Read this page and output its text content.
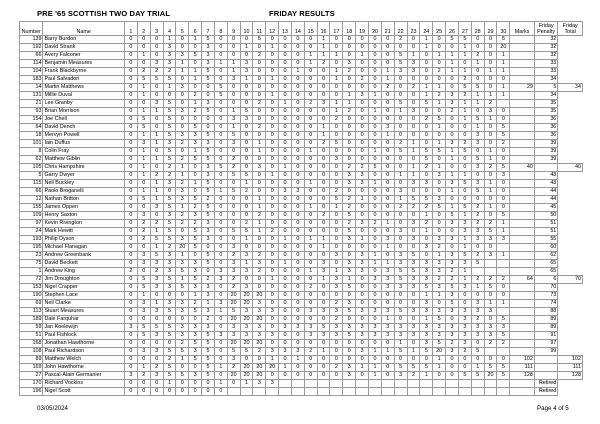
PRE '65 SCOTTISH TWO DAY TRIAL	FRIDAY RESULTS
Number	Name	1	2	3	4	5	6	7	8	9	10	11	12	13	14	15	16	17	18	19	20	21	22	23	24	25	26	27	28	29	30	Marks	Friday Penalty	Friday Total
139	Barry Burdon	0	0	0	1	0	1	5	0	0	0	5	0	0	0	0	1	0	0	0	0	0	2	0	1	0	5	5	0	0	5		32	
192	David Strank	0	0	0	3	0	0	3	0	0	1	0	1	0	0	0	1	0	0	0	0	0	0	0	1	0	0	1	0	0	20		32	
66	Avery Falconer	0	1	0	3	3	5	3	0	0	0	2	0	0	0	1	1	1	0	1	0	0	5	1	0	1	1	1	2	0	1		32	
114	Benjamin Measures	0	0	3	3	1	0	3	1	1	3	0	0	0	0	1	2	0	3	0	0	0	5	3	0	0	1	0	1	0	1		33	
104	Frank Blackbyrne	0	2	2	2	1	1	5	0	1	3	0	0	0	1	0	0	1	2	0	0	1	3	3	0	2	1	1	0	1	1		33	
183	Paul Salvadori	0	5	5	5	0	1	5	0	3	1	0	1	0	0	0	0	1	0	2	0	1	0	0	0	0	0	2	0	0	0		34	
14	Martin Matthews	0	1	0	1	3	0	0	5	0	0	0	0	0	0	0	0	0	0	0	0	2	0	2	1	1	0	5	5	0	1	29	5	34
131	Millie Duval	0	1	0	0	0	2	0	5	0	0	0	1	0	0	0	0	0	1	3	1	0	0	0	1	2	3	2	1	1	1		34	
21	Lee Granby	0	0	3	5	0	1	3	0	0	0	2	0	1	0	2	3	1	1	0	0	0	5	0	5	1	3	1	1	2			35	
93	Brian Morrison	0	1	1	5	3	2	5	0	1	5	0	0	0	0	0	0	1	2	0	1	0	1	3	0	0	2	1	0	3	0		35	
154	Joe Chell	0	5	0	5	0	0	0	0	3	3	0	0	0	0	0	0	2	0	0	0	0	0	0	2	5	0	1	5	1	0		36	
64	David Dench	0	5	0	5	0	5	0	0	1	0	2	0	0	0	0	1	0	0	0	0	3	0	0	0	1	0	0	1	0	5		36	
18	Mervyn Powell	0	1	1	5	3	3	5	0	5	0	0	0	0	0	0	1	0	0	0	0	1	0	0	0	0	0	0	3	0	5		36	
101	Iain Duffus	0	3	1	3	2	3	3	0	3	0	1	0	0	0	0	2	5	0	0	0	0	2	1	0	1	3	2	3	0	2		39	
8	Colin Fray	0	1	0	5	0	1	5	0	0	0	1	0	0	0	1	0	0	0	0	1	0	5	1	5	5	1	5	0	1	0		39	
62	Matthew Giblin	0	1	1	5	2	5	5	0	2	0	0	0	0	0	0	0	3	0	0	0	0	0	0	5	0	1	0	5	1	0		39	
105	Chris Hampshire	0	1	0	2	1	0	3	5	2	0	3	0	1	0	0	0	0	2	2	5	0	0	1	2	1	0	0	3	2	5	40		40
5	Garry Dwyer	0	1	2	2	1	0	3	0	5	5	0	1	0	0	0	0	0	3	3	0	0	1	1	0	3	1	1	0	0	3		43	
115	Neil Buckley	0	0	1	3	2	1	5	0	0	1	0	0	0	0	1	0	0	3	3	1	0	0	3	3	0	3	5	3	1	0		43	
66	Paolo Broganelli	0	1	1	0	3	0	5	1	5	2	0	0	3	3	0	0	2	0	0	0	0	3	0	0	0	1	0	5	1	0		44	
12	Nathan Britton	0	5	1	5	3	5	2	0	0	0	1	0	0	0	0	0	5	2	1	0	0	1	5	5	3	0	0	0	0	0		44	
155	James Oppen	0	0	3	5	1	2	5	0	0	0	1	0	0	0	1	0	1	2	0	0	0	2	2	2	5	1	5	2	1	0		45	
109	Henry Saxton	0	3	0	3	2	3	5	0	0	0	2	0	0	0	0	2	0	5	0	0	0	0	0	1	0	5	1	2	0	5		50	
97	Kevin Rivington	0	2	2	5	2	2	3	0	0	2	1	0	0	0	0	0	0	2	3	2	1	0	3	2	0	3	3	2	2	1		51	
24	Mark Hewitt	0	2	1	5	0	5	3	0	5	5	1	2	0	0	0	0	0	5	0	0	0	3	0	1	0	0	3	3	5	1		51	
193	Philip Dyson	0	2	5	5	3	5	3	0	0	1	0	0	1	0	1	1	0	3	1	0	3	0	3	0	3	3	1	3	3	3		55	
195	Michael Flanagan	0	0	1	2	20	5	0	0	3	0	0	0	0	0	0	1	0	0	0	0	1	0	0	3	2	0	1	0	0			60	
23	Andrew Greenbank	0	3	5	3	1	0	5	0	2	3	2	0	0	0	0	0	3	0	3	1	0	3	5	0	1	3	5	2	3	1		62	
75	David Beckett	0	3	3	3	3	3	5	0	3	1	3	0	1	0	0	3	0	3	3	1	1	3	3	3	3	3	3	5				65	
1	Andrew King	2	0	2	3	5	3	0	3	3	3	2	0	0	0	1	3	1	3	3	0	3	5	5	3	3	2	1					65	
72	Jim Droughton	0	5	3	5	1	5	2	3	2	0	0	1	0	0	0	1	3	1	0	3	3	5	3	3	2	2	1	2	2	2	64	6	70
153	Nigel Crapper	0	5	3	3	5	3	3	0	2	3	0	0	0	0	2	0	3	5	0	0	3	3	3	5	3	5	3	1	5	0		70	
190	Stephen Lace	0	1	0	0	0	1	3	0	20	20	20	0	0	0	0	0	0	0	0	0	0	0	0	1	1	3	0	0	0	0		73	
69	Neil Clarke	0	3	1	3	3	2	1	3	20	20	3	0	0	0	0	0	2	3	0	0	0	0	0	3	0	5	0	3	1	1		74	
113	Stuart Measures	0	3	3	5	3	5	3	1	5	3	3	3	0	0	3	3	3	5	3	3	3	5	3	3	3	3	3	3	3			88	
189	Dale Farquhar	0	0	0	0	0	0	2	0	20	20	20	0	0	0	0	0	2	0	0	0	1	0	0	1	5	0	3	2	0	5		89	
59	Jan Koelewijn	3	5	5	5	3	3	3	0	3	3	3	0	3	3	3	5	3	3	3	3	3	3	3	3	3	3	3	3	3	3		89	
51	Paul Fishlock	0	5	3	5	3	3	5	3	3	3	3	3	0	0	3	3	3	5	3	3	3	3	3	3	3	3	3	3	3	5		91	
168	Jonathan Hawthorne	0	0	0	0	2	5	5	0	20	20	20	0	0	0	0	0	0	0	0	0	0	1	0	3	5	2	3	0	2	2		97	
108	Paul Richardson	0	3	3	5	5	3	5	0	5	5	2	3	3	3	2	1	0	0	3	1	1	5	1	5	20	3	2	5				99	
89	Matthew Welch	0	0	0	2	1	5	5	0	3	0	0	1	0	1	0	0	0	0	0	0	0	0	0	0	1	0	0	0	0	0	102		102
169	John Hawthorne	0	1	2	5	0	0	5	1	2	20	20	20	1	0	0	0	2	3	1	1	0	5	5	5	1	0	0	1	5	5	111		111
27	Pascal-Alain Germanier	3	2	3	5	5	3	5	0	20	20	20	0	0	0	0	0	0	3	0	1	0	3	2	1	0	0	5	5	20	5	128		128
170	Richard Vockins	0	0	0	1	0	0	0	1	0	1	3	3																				Retired	
196	Nigel Scott	0	0	0	0	0	0	0	0																								Retired	
03/05/2024	Page 4 of 5
